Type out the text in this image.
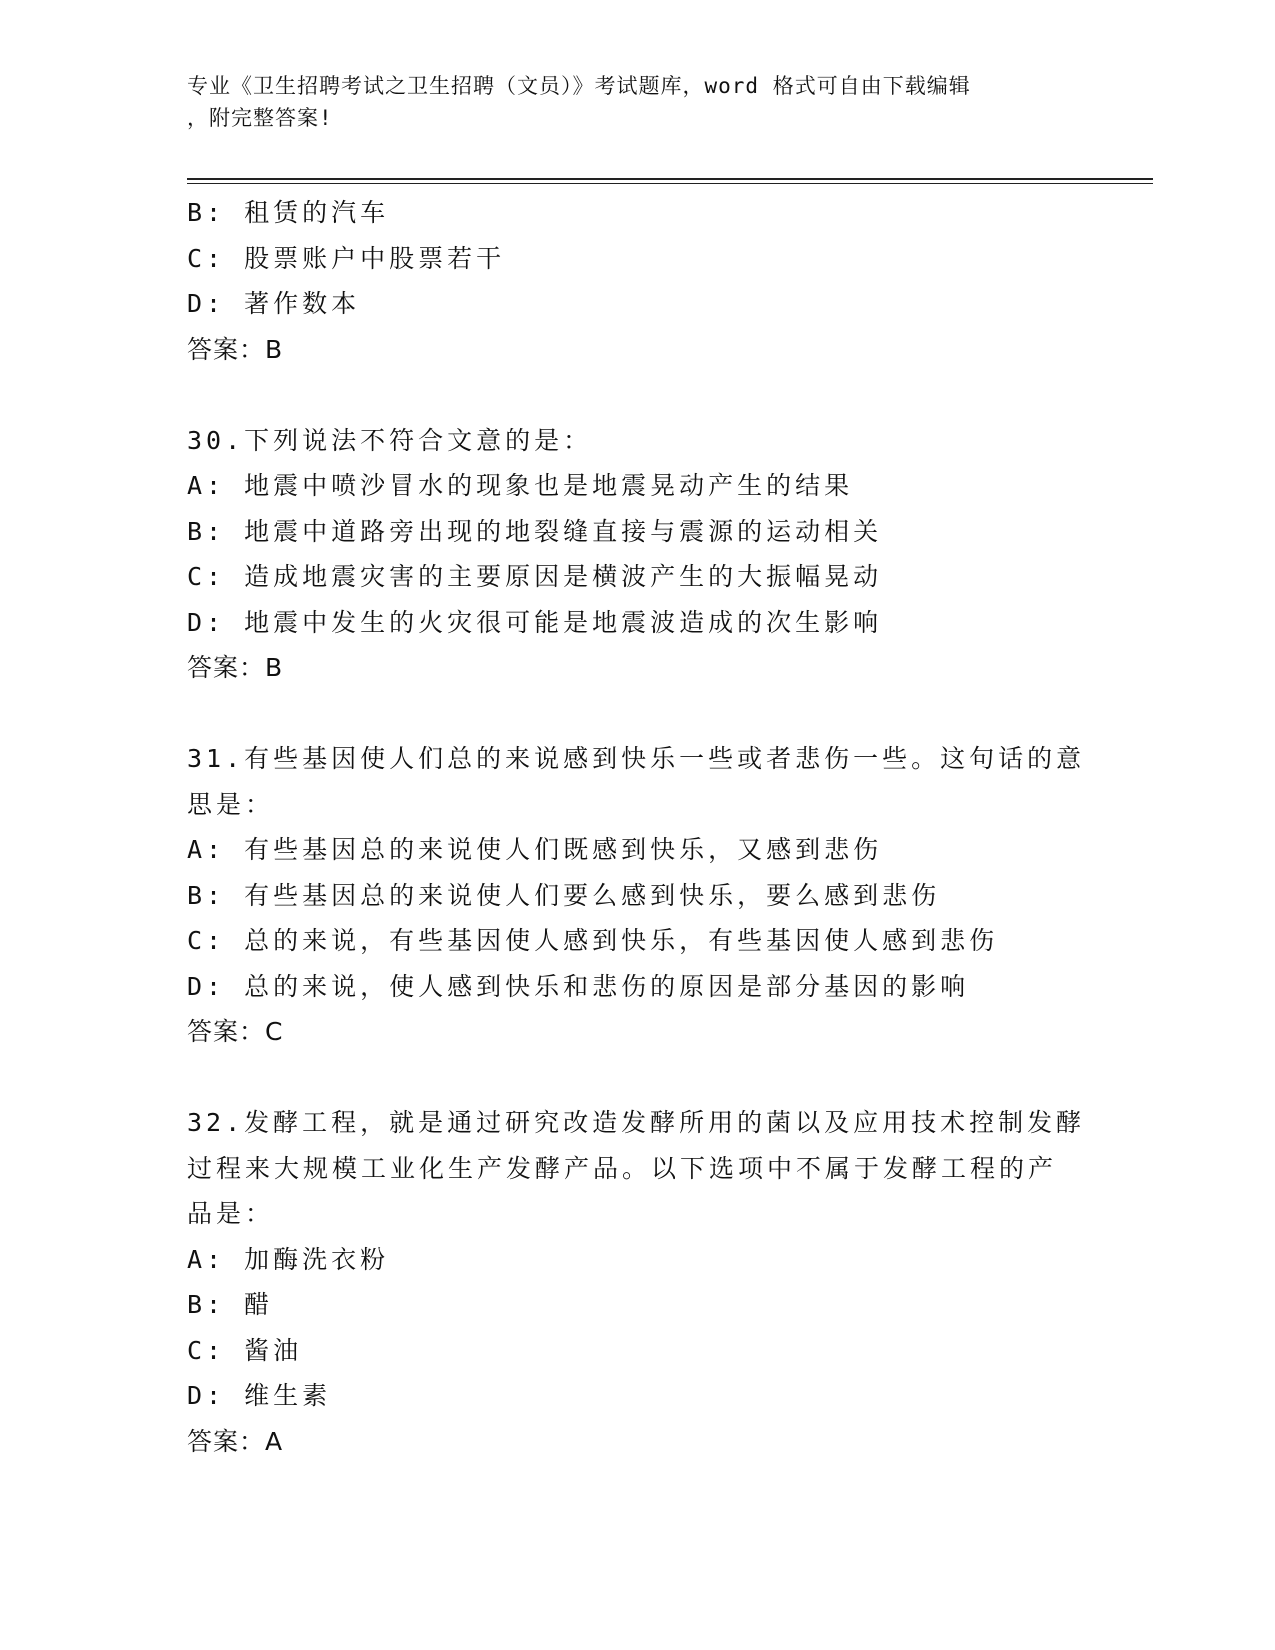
专业《卫生招聘考试之卫生招聘（文员）》考试题库，word 格式可自由下载编辑
，附完整答案!
B: 租赁的汽车
C: 股票账户中股票若干
D: 著作数本
答案：B
30.下列说法不符合文意的是：
A: 地震中喷沙冒水的现象也是地震晃动产生的结果
B: 地震中道路旁出现的地裂缝直接与震源的运动相关
C: 造成地震灾害的主要原因是横波产生的大振幅晃动
D: 地震中发生的火灾很可能是地震波造成的次生影响
答案：B
31.有些基因使人们总的来说感到快乐一些或者悲伤一些。这句话的意
思是：
A: 有些基因总的来说使人们既感到快乐，又感到悲伤
B: 有些基因总的来说使人们要么感到快乐，要么感到悲伤
C: 总的来说，有些基因使人感到快乐，有些基因使人感到悲伤
D: 总的来说，使人感到快乐和悲伤的原因是部分基因的影响
答案：C
32.发酵工程，就是通过研究改造发酵所用的菌以及应用技术控制发酵
过程来大规模工业化生产发酵产品。以下选项中不属于发酵工程的产
品是：
A: 加酶洗衣粉
B: 醋
C: 酱油
D: 维生素
答案：A
